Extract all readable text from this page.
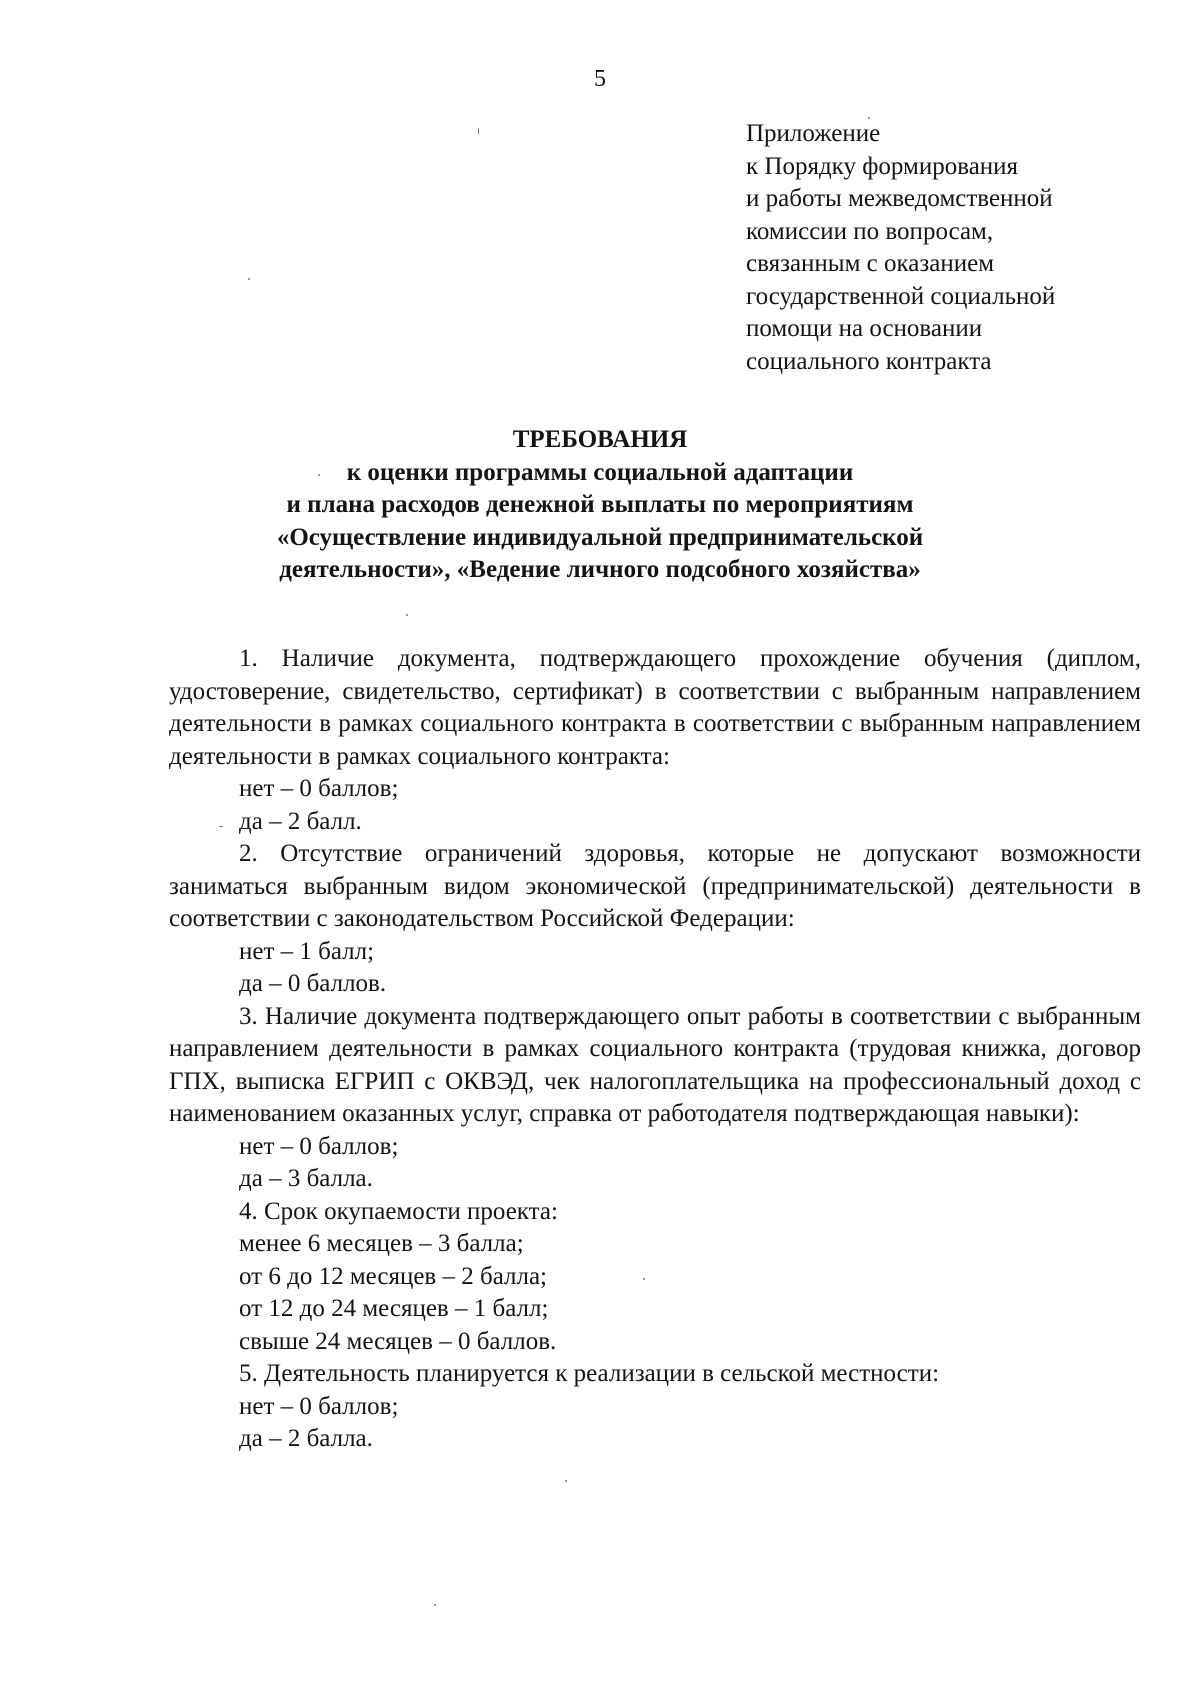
5
Приложение
к Порядку формирования
и работы межведомственной
комиссии по вопросам,
связанным с оказанием
государственной социальной
помощи на основании
социального контракта
ТРЕБОВАНИЯ
к оценки программы социальной адаптации
и плана расходов денежной выплаты по мероприятиям
«Осуществление индивидуальной предпринимательской
деятельности», «Ведение личного подсобного хозяйства»

1. Наличие документа, подтверждающего прохождение обучения (диплом, удостоверение, свидетельство, сертификат) в соответствии с выбранным направлением деятельности в рамках социального контракта в соответствии с выбранным направлением деятельности в рамках социального контракта:

нет – 0 баллов;

да – 2 балл.

2. Отсутствие ограничений здоровья, которые не допускают возможности заниматься выбранным видом экономической (предпринимательской) деятельности в соответствии с законодательством Российской Федерации:

нет – 1 балл;

да – 0 баллов.

3. Наличие документа подтверждающего опыт работы в соответствии с выбранным направлением деятельности в рамках социального контракта (трудовая книжка, договор ГПХ, выписка ЕГРИП с ОКВЭД, чек налогоплательщика на профессиональный доход с наименованием оказанных услуг, справка от работодателя подтверждающая навыки):

нет – 0 баллов;

да – 3 балла.

4. Срок окупаемости проекта:

менее 6 месяцев – 3 балла;

от 6 до 12 месяцев – 2 балла;

от 12 до 24 месяцев – 1 балл;

свыше 24 месяцев – 0 баллов.

5. Деятельность планируется к реализации в сельской местности:

нет – 0 баллов;

да – 2 балла.
